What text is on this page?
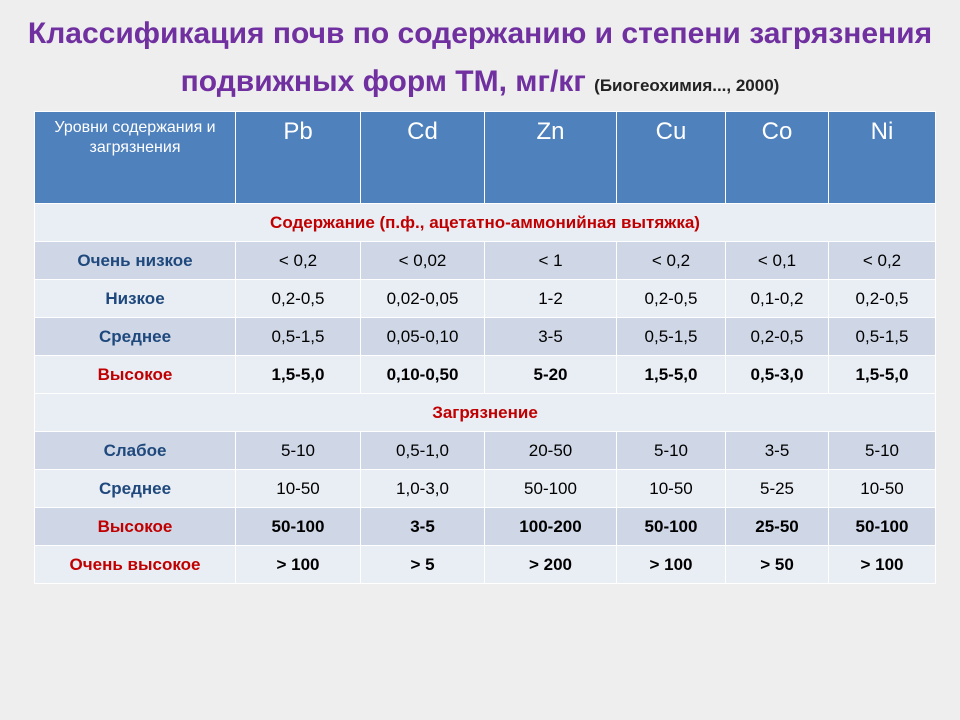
Классификация почв по содержанию и степени загрязнения подвижных форм ТМ, мг/кг (Биогеохимия..., 2000)
Уровни содержания и загрязнения	Pb	Cd	Zn	Cu	Co	Ni
Содержание (п.ф., ацетатно-аммонийная вытяжка)						
Очень низкое	< 0,2	< 0,02	< 1	< 0,2	< 0,1	< 0,2
Низкое	0,2-0,5	0,02-0,05	1-2	0,2-0,5	0,1-0,2	0,2-0,5
Среднее	0,5-1,5	0,05-0,10	3-5	0,5-1,5	0,2-0,5	0,5-1,5
Высокое	1,5-5,0	0,10-0,50	5-20	1,5-5,0	0,5-3,0	1,5-5,0
Загрязнение						
Слабое	5-10	0,5-1,0	20-50	5-10	3-5	5-10
Среднее	10-50	1,0-3,0	50-100	10-50	5-25	10-50
Высокое	50-100	3-5	100-200	50-100	25-50	50-100
Очень высокое	> 100	> 5	> 200	> 100	> 50	> 100
